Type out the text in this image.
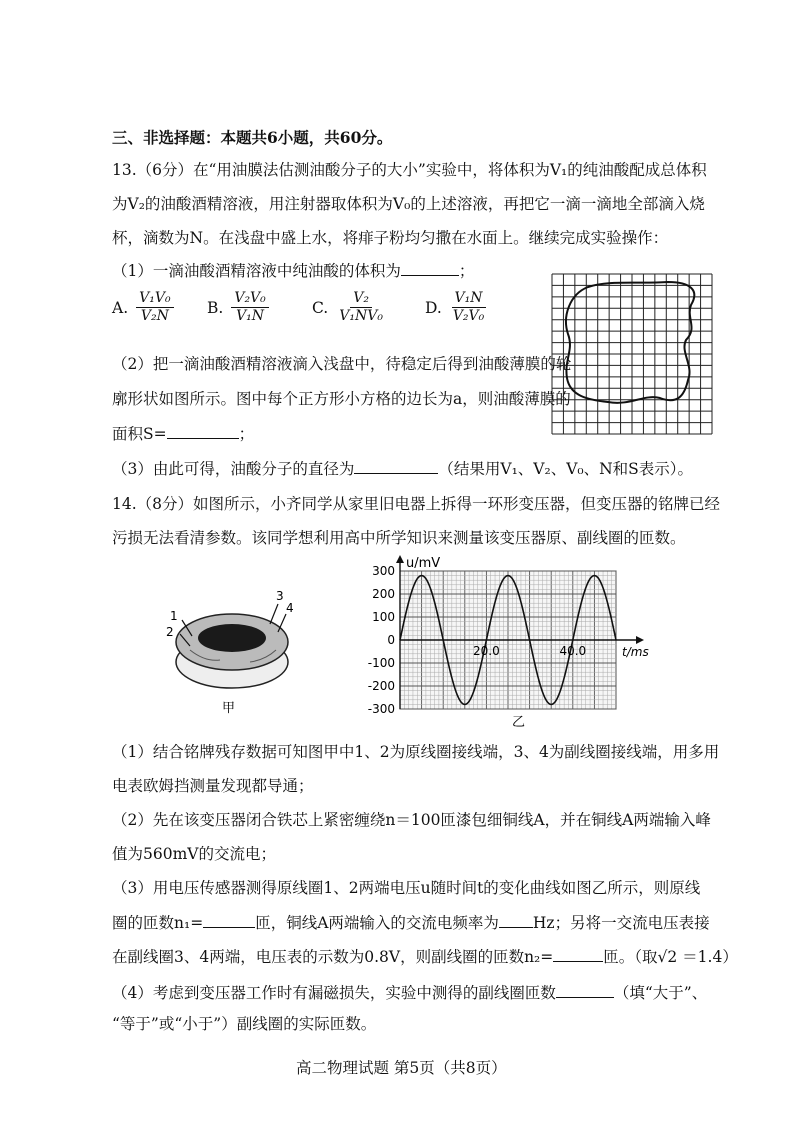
三、非选择题：本题共6小题，共60分。
13.（6分）在“用油膜法估测油酸分子的大小”实验中，将体积为V₁的纯油酸配成总体积
为V₂的油酸酒精溶液，用注射器取体积为V₀的上述溶液，再把它一滴一滴地全部滴入烧
杯，滴数为N。在浅盘中盛上水，将痱子粉均匀撒在水面上。继续完成实验操作：
（1）一滴油酸酒精溶液中纯油酸的体积为	；
A. $\frac{\text{V₁V₀}}{\text{V₂N}} B$. $\frac{\text{V₂V₀}}{\text{V₁N}}$	C. $\frac{\text{V₂}}{\text{V₁NV₀}}$	D. $\frac{\text{V₁N}}{\text{V₂V₀}}$
（2）把一滴油酸酒精溶液滴入浅盘中，待稳定后得到油酸薄膜的轮
廓形状如图所示。图中每个正方形小方格的边长为a，则油酸薄膜的
面积S=	；
（3）由此可得，油酸分子的直径为	（结果用V₁、V₂、V₀、N和S表示）。
14.（8分）如图所示，小齐同学从家里旧电器上拆得一环形变压器，但变压器的铭牌已经
污损无法看清参数。该同学想利用高中所学知识来测量该变压器原、副线圈的匝数。
1
2
3
4
甲
300
200
100
0
-100
-200
-300
20.0	40.0
u/mV
t/ms
乙
（1）结合铭牌残存数据可知图甲中1、2为原线圈接线端，3、4为副线圈接线端，用多用
电表欧姆挡测量发现都导通；
（2）先在该变压器闭合铁芯上紧密缠绕n＝100匝漆包细铜线A，并在铜线A两端输入峰
值为560mV的交流电；
（3）用电压传感器测得原线圈1、2两端电压u随时间t的变化曲线如图乙所示，则原线
圈的匝数n₁=	匝，铜线A两端输入的交流电频率为 Hz；另将一交流电压表接
在副线圈3、4两端，电压表的示数为0.8V，则副线圈的匝数n₂=	匝。（取√2 ＝1.4）
（4）考虑到变压器工作时有漏磁损失，实验中测得的副线圈匝数	（填“大于”、
“等于”或“小于”）副线圈的实际匝数。
高二物理试题 第5页（共8页）
